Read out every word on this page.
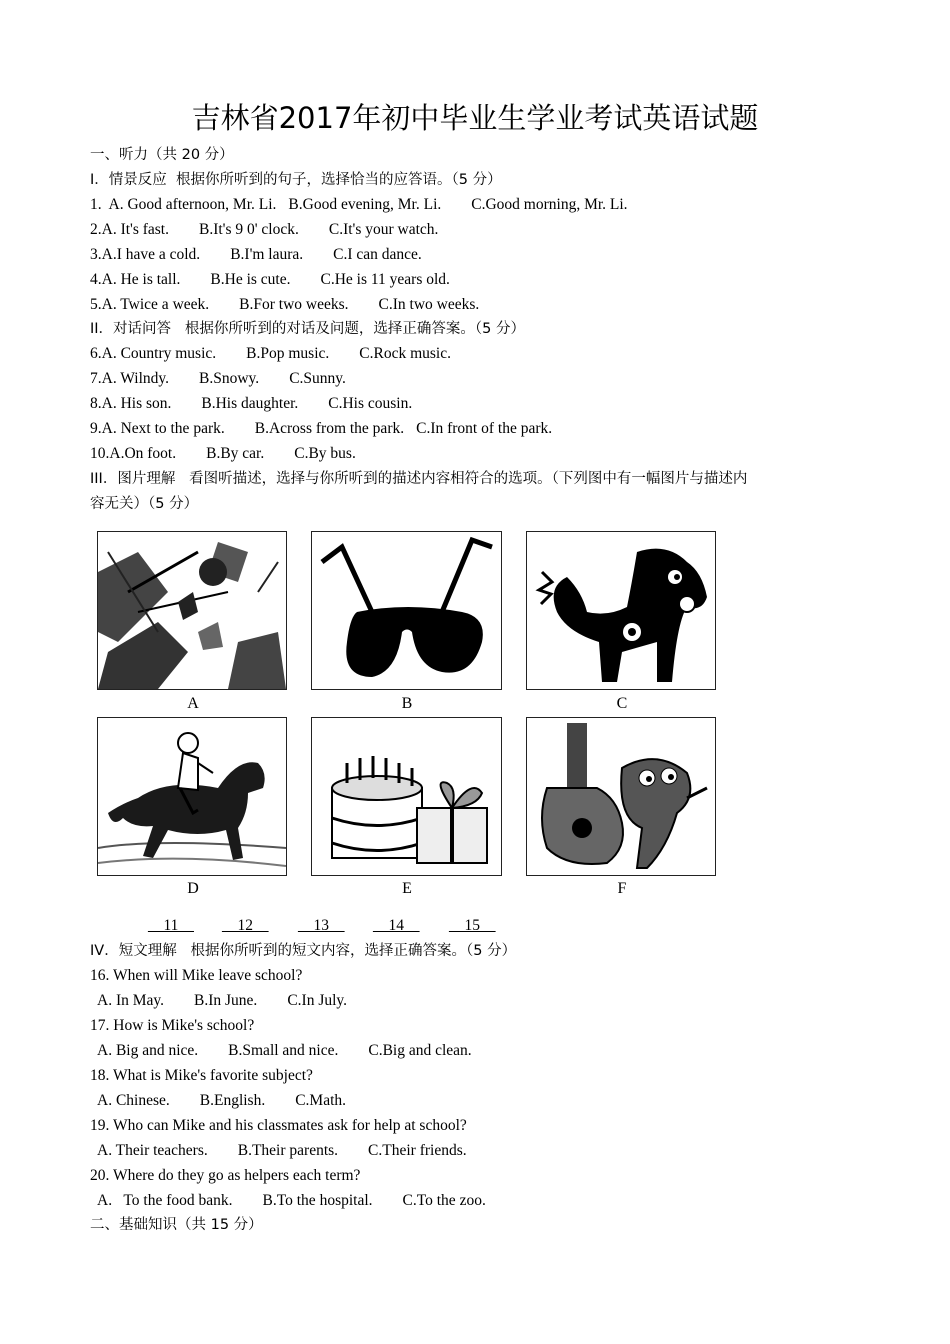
吉林省2017年初中毕业生学业考试英语试题
一、听力（共 20 分）
I．情景反应  根据你所听到的句子，选择恰当的应答语。（5 分）
1.  A. Good afternoon, Mr. Li. B.Good evening, Mr. Li. C.Good morning, Mr. Li.
2.A. It's fast. B.It's 9 0' clock. C.It's your watch.
3.A.I have a cold. B.I'm laura. C.I can dance.
4.A. He is tall. B.He is cute. C.He is 11 years old.
5.A. Twice a week. B.For two weeks. C.In two weeks.
II．对话问答   根据你所听到的对话及问题，选择正确答案。（5 分）
6.A. Country music. B.Pop music. C.Rock music.
7.A. Wilndy. B.Snowy. C.Sunny.
8.A. His son. B.His daughter. C.His cousin.
9.A. Next to the park. B.Across from the park. C.In front of the park.
10.A.On foot. B.By car. C.By bus.
III．图片理解   看图听描述，选择与你所听到的描述内容相符合的选项。（下列图中有一幅图片与描述内
容无关）（5 分）
A	B	C
D	E	F
__11__ __12__ __13__ __14__ __15__
IV．短文理解   根据你所听到的短文内容，选择正确答案。（5 分）
16. When will Mike leave school?
A. In May. B.In June. C.In July.
17. How is Mike's school?
A. Big and nice. B.Small and nice. C.Big and clean.
18. What is Mike's favorite subject?
A. Chinese. B.English. C.Math.
19. Who can Mike and his classmates ask for help at school?
A. Their teachers. B.Their parents. C.Their friends.
20. Where do they go as helpers each term?
A.   To the food bank. B.To the hospital. C.To the zoo.
二、基础知识（共 15 分）
